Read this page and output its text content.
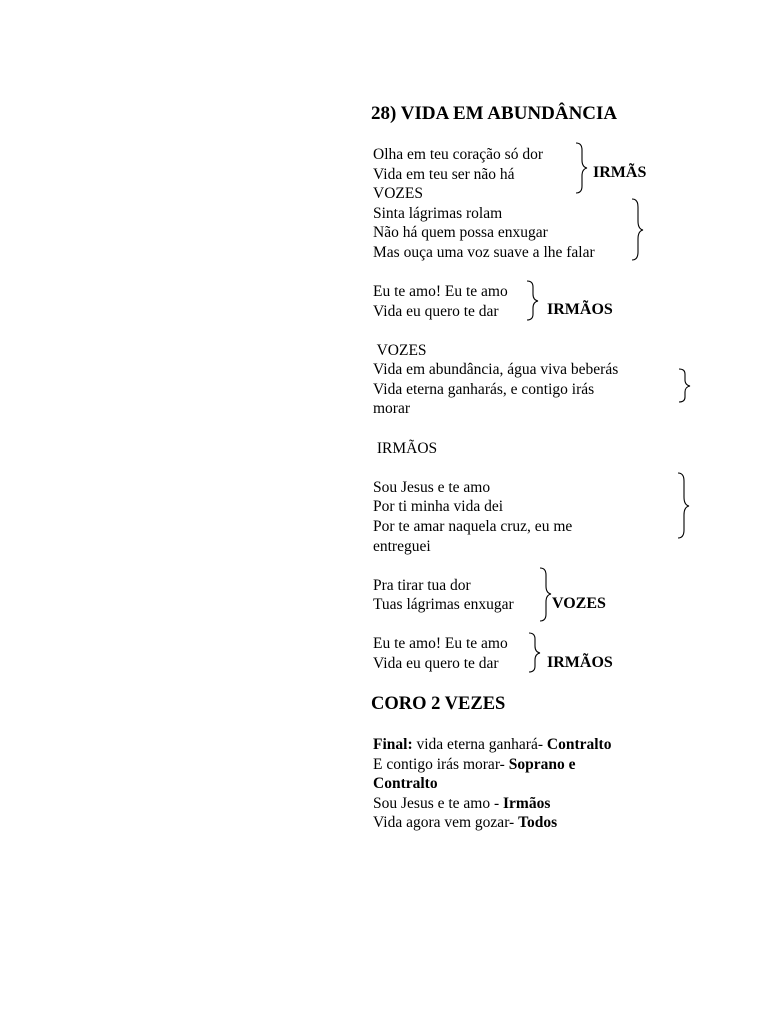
28) VIDA EM ABUNDÂNCIA
Olha em teu coração só dor
Vida em teu ser não há	IRMÃS
VOZES
Sinta lágrimas rolam
Não há quem possa enxugar
Mas ouça uma voz suave a lhe falar
Eu te amo! Eu te amo
Vida eu quero te dar	IRMÃOS
VOZES
Vida em abundância, água viva beberás
Vida eterna ganharás, e contigo irás
morar
IRMÃOS
Sou Jesus e te amo
Por ti minha vida dei
Por te amar naquela cruz, eu me
entreguei
Pra tirar tua dor
Tuas lágrimas enxugar VOZES
Eu te amo! Eu te amo
Vida eu quero te dar	IRMÃOS
CORO 2 VEZES
Final: vida eterna ganhará- Contralto
E contigo irás morar- Soprano e
Contralto
Sou Jesus e te amo - Irmãos
Vida agora vem gozar- Todos
